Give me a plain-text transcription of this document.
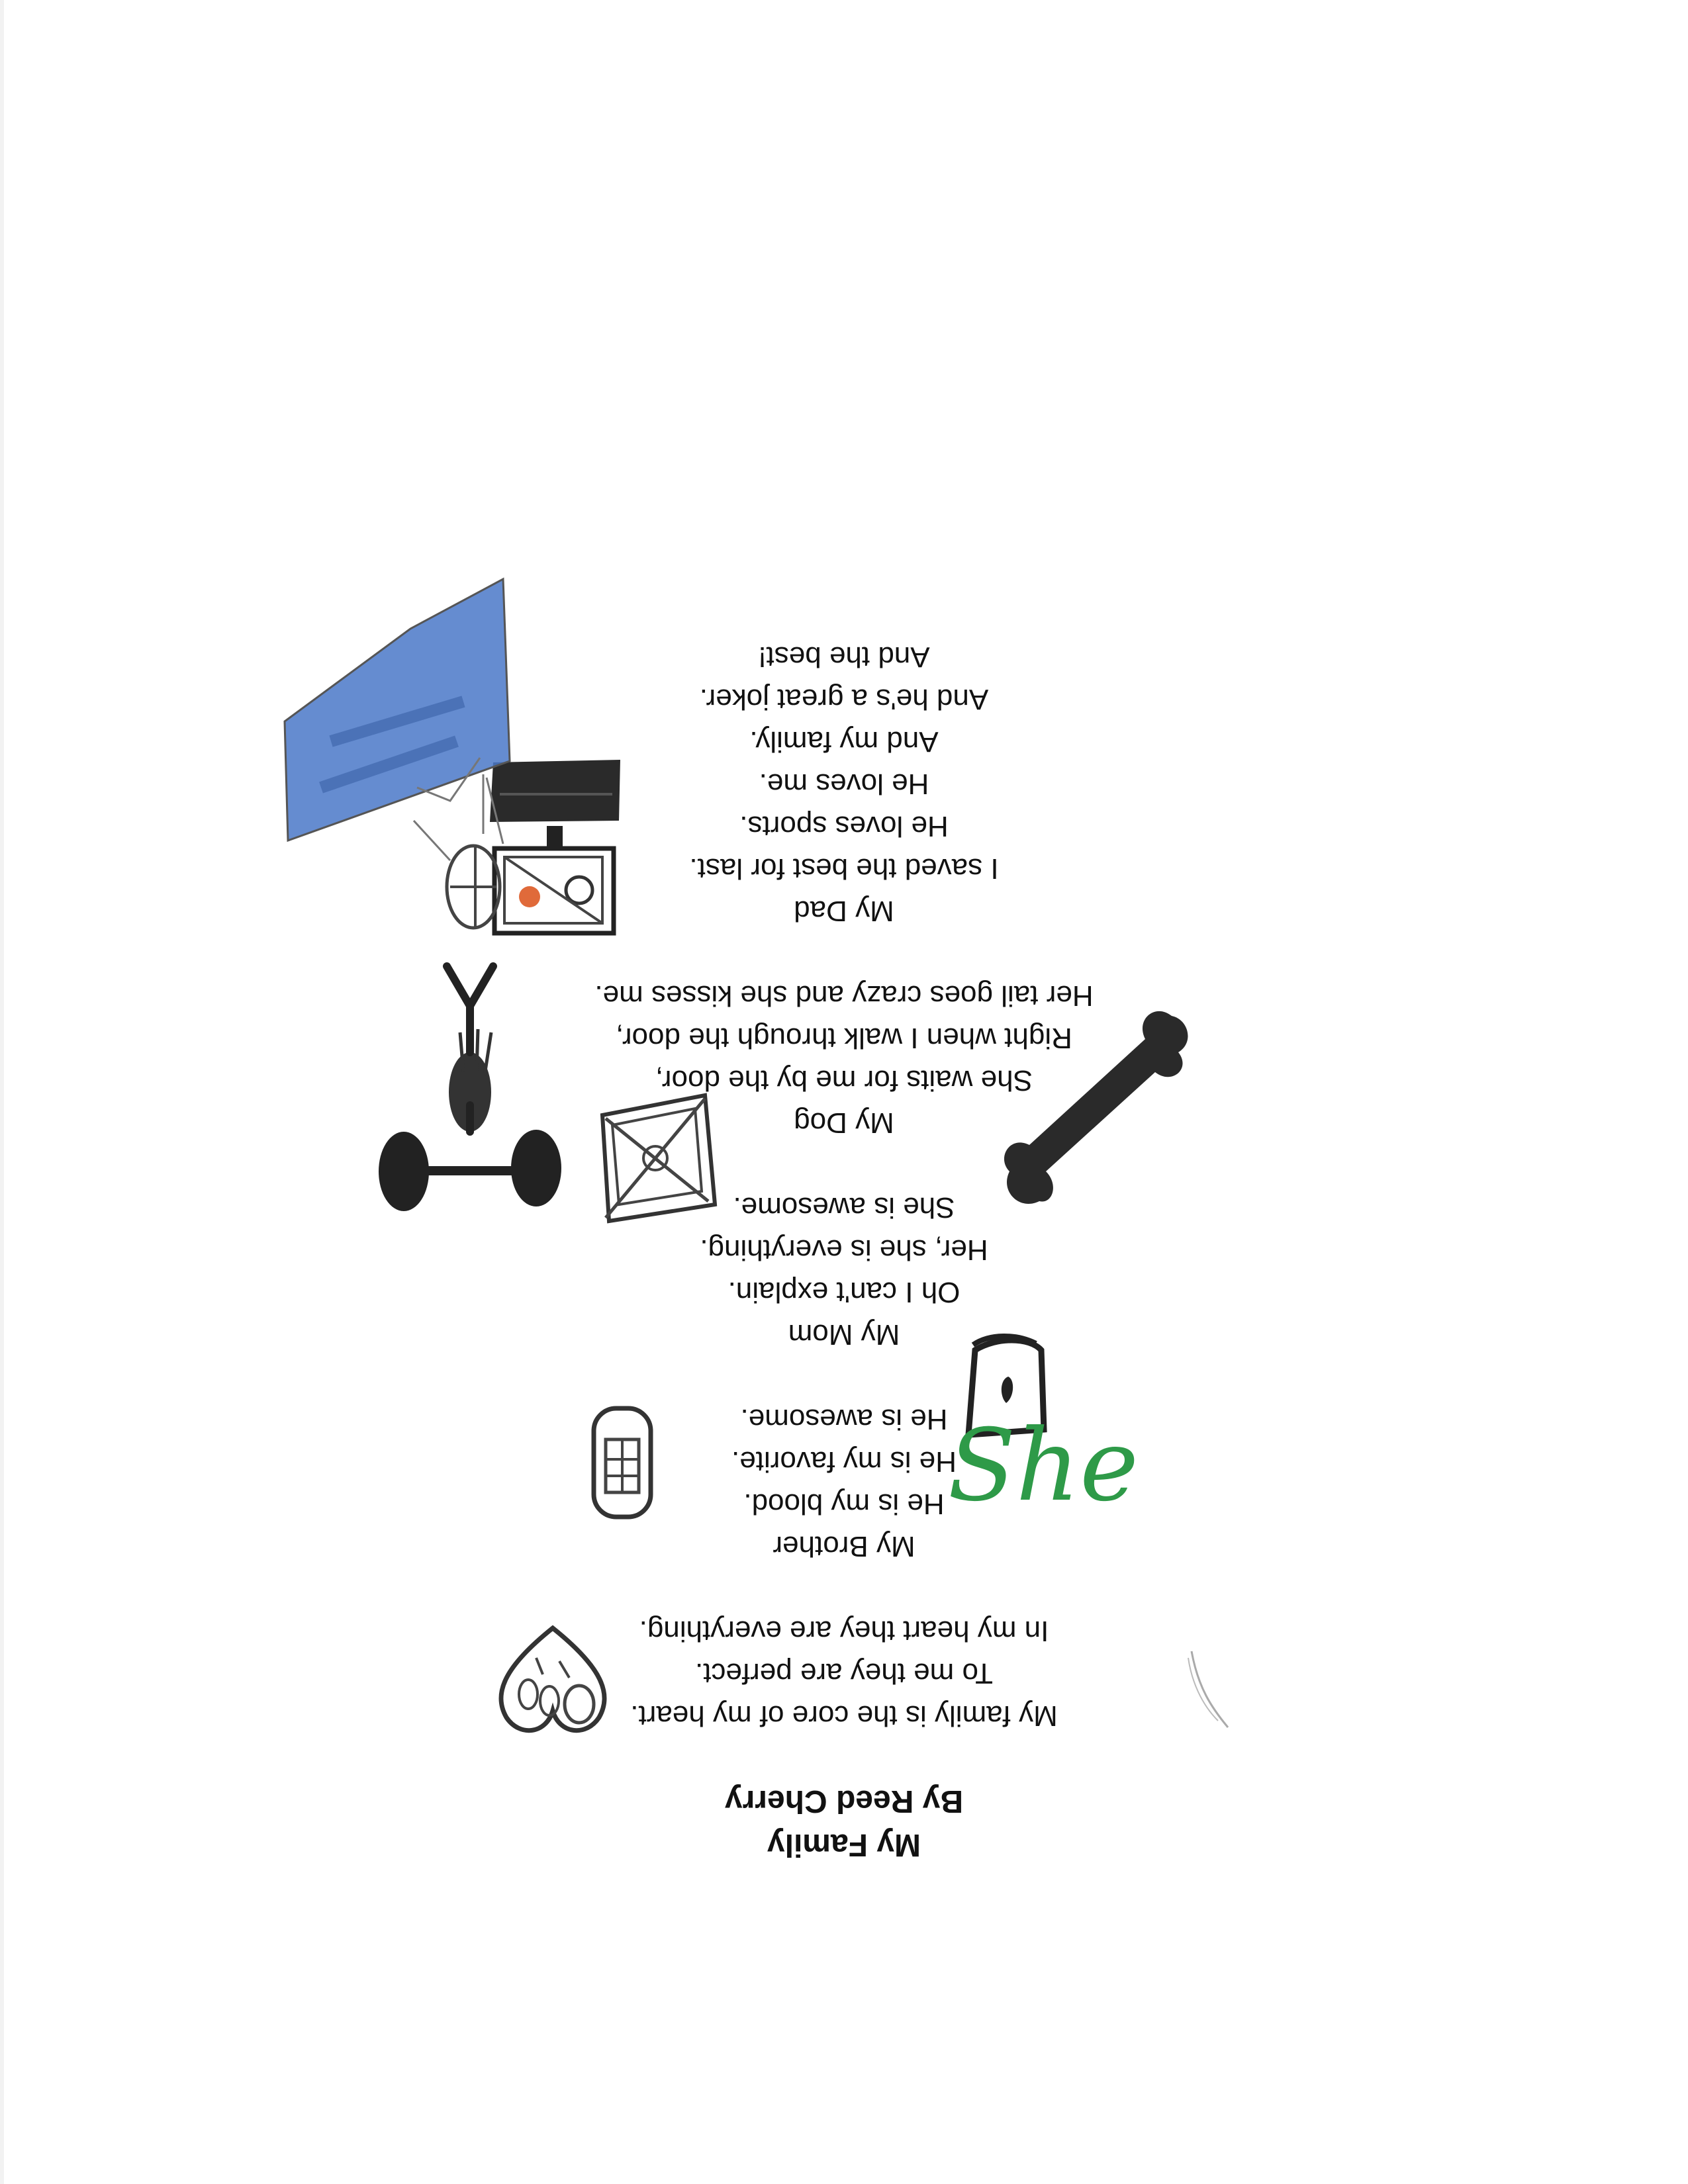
My Family
By Reed Cherry

My family is the core of my heart.

To me they are perfect.

In my heart they are everything.

My Brother

He is my blood.

He is my favorite.

He is awesome.

My Mom

Oh I can't explain.

Her, she is everything.

She is awesome.

My Dog

She waits for me by the door,

Right when I walk through the door,

Her tail goes crazy and she kisses me.

My Dad

I saved the best for last.

He loves sports.

He loves me.

And my family.

And he's a great joker.

And the best!

She
